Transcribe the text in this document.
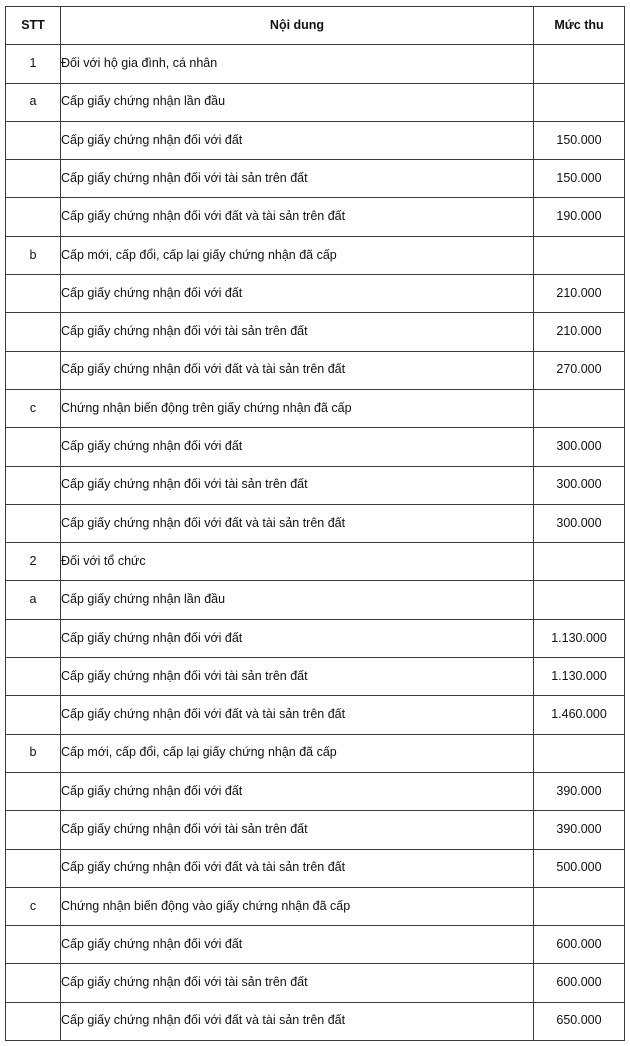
STT	Nội dung	Mức thu
1	Đối với hộ gia đình, cá nhân	
a	Cấp giấy chứng nhận lần đầu	
	Cấp giấy chứng nhận đối với đất	150.000
	Cấp giấy chứng nhận đối với tài sản trên đất	150.000
	Cấp giấy chứng nhận đối với đất và tài sản trên đất	190.000
b	Cấp mới, cấp đổi, cấp lại giấy chứng nhận đã cấp	
	Cấp giấy chứng nhận đối với đất	210.000
	Cấp giấy chứng nhận đối với tài sản trên đất	210.000
	Cấp giấy chứng nhận đối với đất và tài sản trên đất	270.000
c	Chứng nhận biến động trên giấy chứng nhận đã cấp	
	Cấp giấy chứng nhận đối với đất	300.000
	Cấp giấy chứng nhận đối với tài sản trên đất	300.000
	Cấp giấy chứng nhận đối với đất và tài sản trên đất	300.000
2	Đối với tổ chức	
a	Cấp giấy chứng nhận lần đầu	
	Cấp giấy chứng nhận đối với đất	1.130.000
	Cấp giấy chứng nhận đối với tài sản trên đất	1.130.000
	Cấp giấy chứng nhận đối với đất và tài sản trên đất	1.460.000
b	Cấp mới, cấp đổi, cấp lại giấy chứng nhận đã cấp	
	Cấp giấy chứng nhận đối với đất	390.000
	Cấp giấy chứng nhận đối với tài sản trên đất	390.000
	Cấp giấy chứng nhận đối với đất và tài sản trên đất	500.000
c	Chứng nhận biến động vào giấy chứng nhận đã cấp	
	Cấp giấy chứng nhận đối với đất	600.000
	Cấp giấy chứng nhận đối với tài sản trên đất	600.000
	Cấp giấy chứng nhận đối với đất và tài sản trên đất	650.000
